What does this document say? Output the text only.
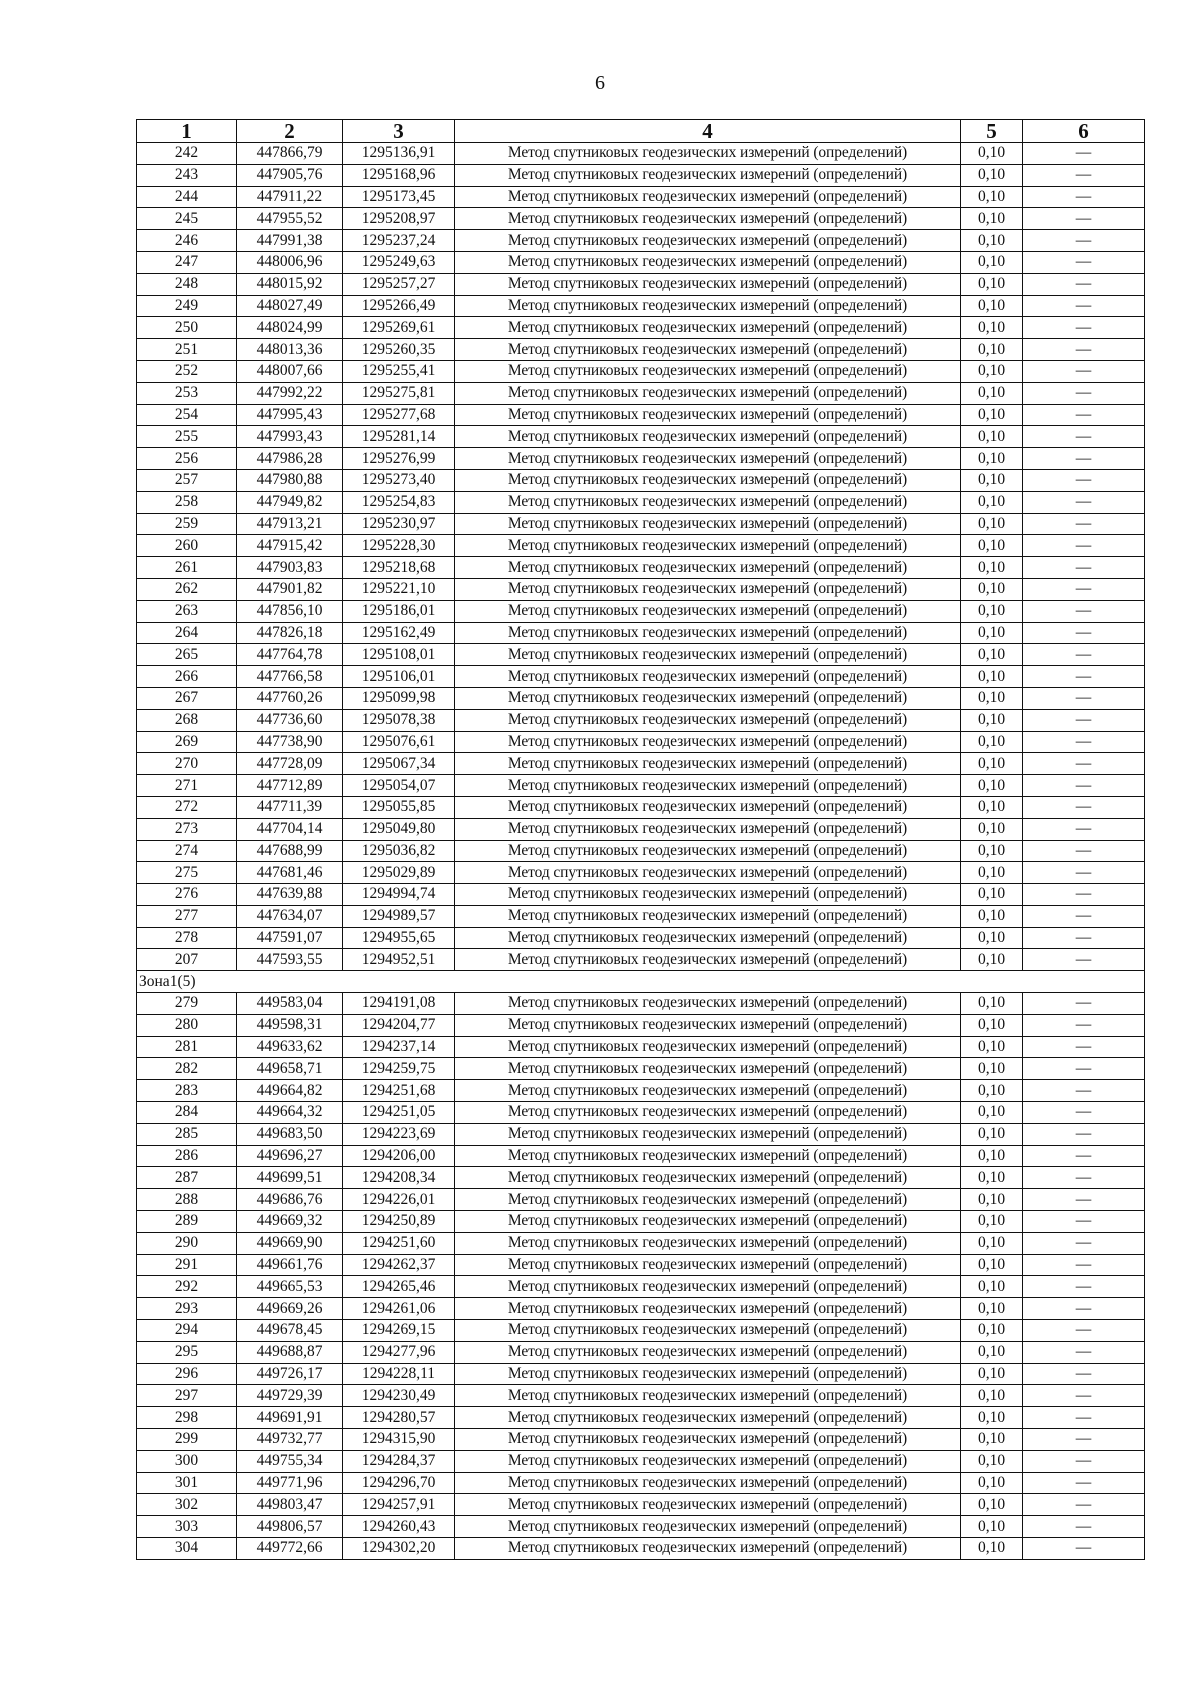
6
1	2	3	4	5	6
242	447866,79	1295136,91	Метод спутниковых геодезических измерений (определений)	0,10	—
243	447905,76	1295168,96	Метод спутниковых геодезических измерений (определений)	0,10	—
244	447911,22	1295173,45	Метод спутниковых геодезических измерений (определений)	0,10	—
245	447955,52	1295208,97	Метод спутниковых геодезических измерений (определений)	0,10	—
246	447991,38	1295237,24	Метод спутниковых геодезических измерений (определений)	0,10	—
247	448006,96	1295249,63	Метод спутниковых геодезических измерений (определений)	0,10	—
248	448015,92	1295257,27	Метод спутниковых геодезических измерений (определений)	0,10	—
249	448027,49	1295266,49	Метод спутниковых геодезических измерений (определений)	0,10	—
250	448024,99	1295269,61	Метод спутниковых геодезических измерений (определений)	0,10	—
251	448013,36	1295260,35	Метод спутниковых геодезических измерений (определений)	0,10	—
252	448007,66	1295255,41	Метод спутниковых геодезических измерений (определений)	0,10	—
253	447992,22	1295275,81	Метод спутниковых геодезических измерений (определений)	0,10	—
254	447995,43	1295277,68	Метод спутниковых геодезических измерений (определений)	0,10	—
255	447993,43	1295281,14	Метод спутниковых геодезических измерений (определений)	0,10	—
256	447986,28	1295276,99	Метод спутниковых геодезических измерений (определений)	0,10	—
257	447980,88	1295273,40	Метод спутниковых геодезических измерений (определений)	0,10	—
258	447949,82	1295254,83	Метод спутниковых геодезических измерений (определений)	0,10	—
259	447913,21	1295230,97	Метод спутниковых геодезических измерений (определений)	0,10	—
260	447915,42	1295228,30	Метод спутниковых геодезических измерений (определений)	0,10	—
261	447903,83	1295218,68	Метод спутниковых геодезических измерений (определений)	0,10	—
262	447901,82	1295221,10	Метод спутниковых геодезических измерений (определений)	0,10	—
263	447856,10	1295186,01	Метод спутниковых геодезических измерений (определений)	0,10	—
264	447826,18	1295162,49	Метод спутниковых геодезических измерений (определений)	0,10	—
265	447764,78	1295108,01	Метод спутниковых геодезических измерений (определений)	0,10	—
266	447766,58	1295106,01	Метод спутниковых геодезических измерений (определений)	0,10	—
267	447760,26	1295099,98	Метод спутниковых геодезических измерений (определений)	0,10	—
268	447736,60	1295078,38	Метод спутниковых геодезических измерений (определений)	0,10	—
269	447738,90	1295076,61	Метод спутниковых геодезических измерений (определений)	0,10	—
270	447728,09	1295067,34	Метод спутниковых геодезических измерений (определений)	0,10	—
271	447712,89	1295054,07	Метод спутниковых геодезических измерений (определений)	0,10	—
272	447711,39	1295055,85	Метод спутниковых геодезических измерений (определений)	0,10	—
273	447704,14	1295049,80	Метод спутниковых геодезических измерений (определений)	0,10	—
274	447688,99	1295036,82	Метод спутниковых геодезических измерений (определений)	0,10	—
275	447681,46	1295029,89	Метод спутниковых геодезических измерений (определений)	0,10	—
276	447639,88	1294994,74	Метод спутниковых геодезических измерений (определений)	0,10	—
277	447634,07	1294989,57	Метод спутниковых геодезических измерений (определений)	0,10	—
278	447591,07	1294955,65	Метод спутниковых геодезических измерений (определений)	0,10	—
207	447593,55	1294952,51	Метод спутниковых геодезических измерений (определений)	0,10	—
Зона1(5)					
279	449583,04	1294191,08	Метод спутниковых геодезических измерений (определений)	0,10	—
280	449598,31	1294204,77	Метод спутниковых геодезических измерений (определений)	0,10	—
281	449633,62	1294237,14	Метод спутниковых геодезических измерений (определений)	0,10	—
282	449658,71	1294259,75	Метод спутниковых геодезических измерений (определений)	0,10	—
283	449664,82	1294251,68	Метод спутниковых геодезических измерений (определений)	0,10	—
284	449664,32	1294251,05	Метод спутниковых геодезических измерений (определений)	0,10	—
285	449683,50	1294223,69	Метод спутниковых геодезических измерений (определений)	0,10	—
286	449696,27	1294206,00	Метод спутниковых геодезических измерений (определений)	0,10	—
287	449699,51	1294208,34	Метод спутниковых геодезических измерений (определений)	0,10	—
288	449686,76	1294226,01	Метод спутниковых геодезических измерений (определений)	0,10	—
289	449669,32	1294250,89	Метод спутниковых геодезических измерений (определений)	0,10	—
290	449669,90	1294251,60	Метод спутниковых геодезических измерений (определений)	0,10	—
291	449661,76	1294262,37	Метод спутниковых геодезических измерений (определений)	0,10	—
292	449665,53	1294265,46	Метод спутниковых геодезических измерений (определений)	0,10	—
293	449669,26	1294261,06	Метод спутниковых геодезических измерений (определений)	0,10	—
294	449678,45	1294269,15	Метод спутниковых геодезических измерений (определений)	0,10	—
295	449688,87	1294277,96	Метод спутниковых геодезических измерений (определений)	0,10	—
296	449726,17	1294228,11	Метод спутниковых геодезических измерений (определений)	0,10	—
297	449729,39	1294230,49	Метод спутниковых геодезических измерений (определений)	0,10	—
298	449691,91	1294280,57	Метод спутниковых геодезических измерений (определений)	0,10	—
299	449732,77	1294315,90	Метод спутниковых геодезических измерений (определений)	0,10	—
300	449755,34	1294284,37	Метод спутниковых геодезических измерений (определений)	0,10	—
301	449771,96	1294296,70	Метод спутниковых геодезических измерений (определений)	0,10	—
302	449803,47	1294257,91	Метод спутниковых геодезических измерений (определений)	0,10	—
303	449806,57	1294260,43	Метод спутниковых геодезических измерений (определений)	0,10	—
304	449772,66	1294302,20	Метод спутниковых геодезических измерений (определений)	0,10	—
